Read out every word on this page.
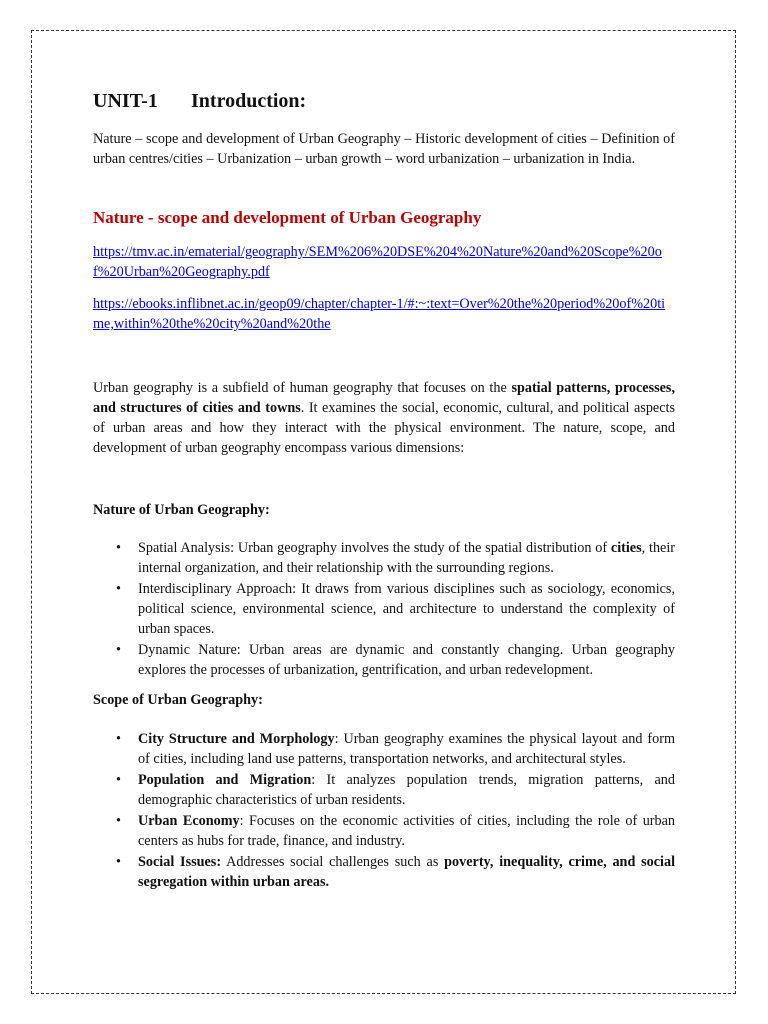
UNIT-1 Introduction:

Nature – scope and development of Urban Geography – Historic development of cities – Definition of urban centres/cities – Urbanization – urban growth – word urbanization – urbanization in India.

Nature - scope and development of Urban Geography
https://tmv.ac.in/ematerial/geography/SEM%206%20DSE%204%20Nature%20and%20Scope%20of%20Urban%20Geography.pdf
https://ebooks.inflibnet.ac.in/geop09/chapter/chapter-1/#:~:text=Over%20the%20period%20of%20time,within%20the%20city%20and%20the

Urban geography is a subfield of human geography that focuses on the spatial patterns, processes, and structures of cities and towns. It examines the social, economic, cultural, and political aspects of urban areas and how they interact with the physical environment. The nature, scope, and development of urban geography encompass various dimensions:

Nature of Urban Geography:
• Spatial Analysis: Urban geography involves the study of the spatial distribution of cities, their internal organization, and their relationship with the surrounding regions.
• Interdisciplinary Approach: It draws from various disciplines such as sociology, economics, political science, environmental science, and architecture to understand the complexity of urban spaces.
• Dynamic Nature: Urban areas are dynamic and constantly changing. Urban geography explores the processes of urbanization, gentrification, and urban redevelopment.
Scope of Urban Geography:
• City Structure and Morphology: Urban geography examines the physical layout and form of cities, including land use patterns, transportation networks, and architectural styles.
• Population and Migration: It analyzes population trends, migration patterns, and demographic characteristics of urban residents.
• Urban Economy: Focuses on the economic activities of cities, including the role of urban centers as hubs for trade, finance, and industry.
• Social Issues: Addresses social challenges such as poverty, inequality, crime, and social segregation within urban areas.
